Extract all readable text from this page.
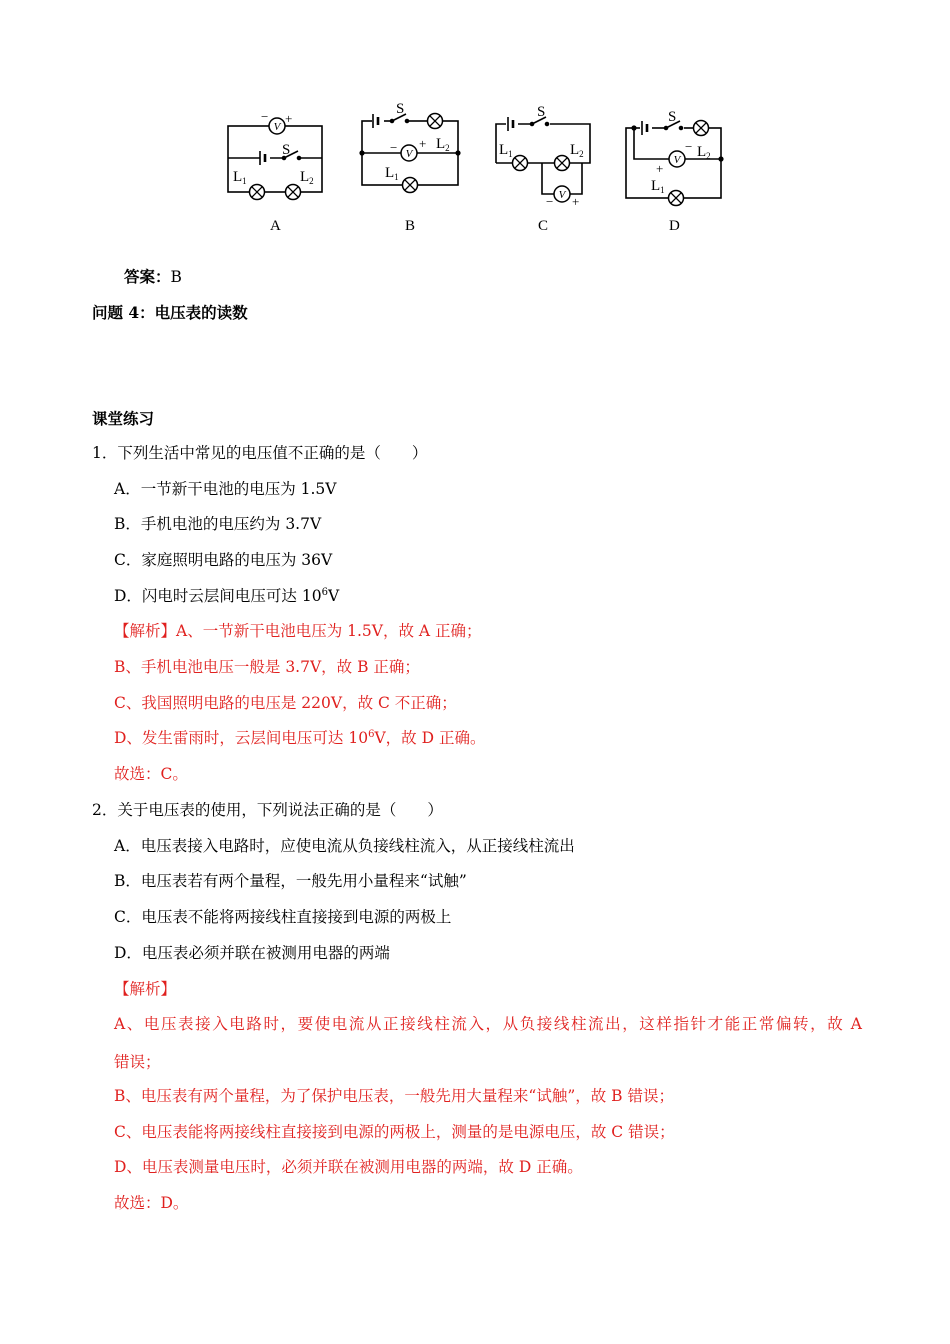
V
− +
S
$L_1$	$L_2$
A
S
− + $L_2$
$L_1$
B
S
$L_1$	$L_2$
− +
C
S
+
− $L_2$
$L_1$
D
答案：B
问题 4：电压表的读数
课堂练习
1．下列生活中常见的电压值不正确的是（　　）
A．一节新干电池的电压为 1.5V
B．手机电池的电压约为 3.7V
C．家庭照明电路的电压为 36V
D．闪电时云层间电压可达 $10^6V$
【解析】A、一节新干电池电压为 1.5V，故 A 正确；
B、手机电池电压一般是 3.7V，故 B 正确；
C、我国照明电路的电压是 220V，故 C 不正确；
D、发生雷雨时，云层间电压可达 $10^6V$，故 D 正确。
故选：C。
2．关于电压表的使用，下列说法正确的是（　　）
A．电压表接入电路时，应使电流从负接线柱流入，从正接线柱流出
B．电压表若有两个量程，一般先用小量程来“试触”
C．电压表不能将两接线柱直接接到电源的两极上
D．电压表必须并联在被测用电器的两端
【解析】
A、电压表接入电路时，要使电流从正接线柱流入，从负接线柱流出，这样指针才能正常偏转，故 A
错误；
B、电压表有两个量程，为了保护电压表，一般先用大量程来“试触”，故 B 错误；
C、电压表能将两接线柱直接接到电源的两极上，测量的是电源电压，故 C 错误；
D、电压表测量电压时，必须并联在被测用电器的两端，故 D 正确。
故选：D。
